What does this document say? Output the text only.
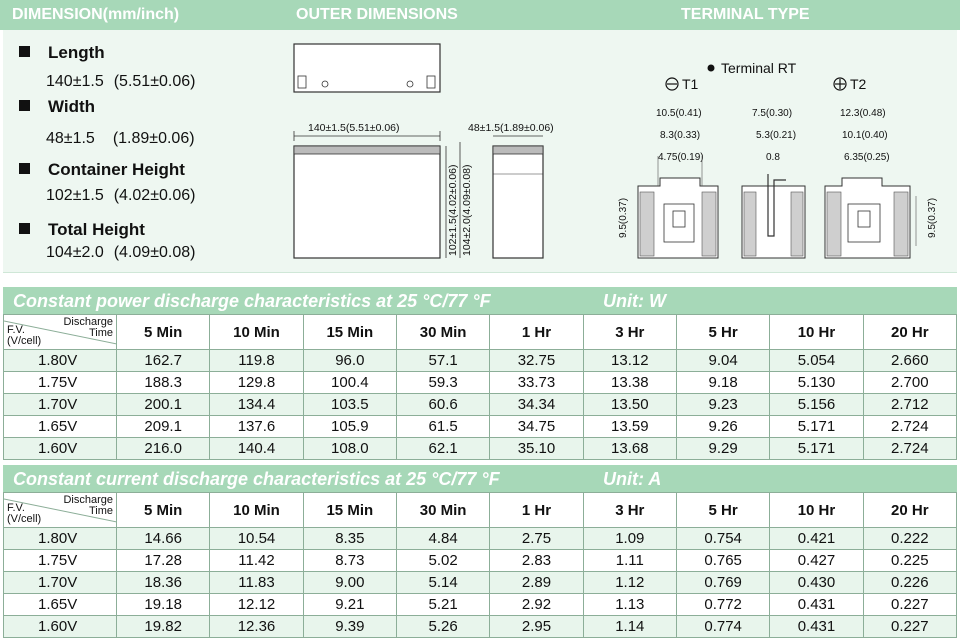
DIMENSION(mm/inch)	OUTER DIMENSIONS	TERMINAL TYPE
Length
140±1.5 (5.51±0.06)
Width
48±1.5 (1.89±0.06)
Container Height
102±1.5 (4.02±0.06)
Total Height
104±2.0 (4.09±0.08)
140±1.5(5.51±0.06)
102±1.5(4.02±0.06) 104±2.0(4.09±0.08)
48±1.5(1.89±0.06)
Terminal RT
T1
10.5(0.41)
8.3(0.33)
4.75(0.19)
9.5(0.37)
7.5(0.30)
5.3(0.21)
0.8
T2
12.3(0.48)
10.1(0.40)
6.35(0.25)
9.5(0.37)
Constant power discharge characteristics at 25 °C/77 °F	Unit: W
Discharge
Time
F.V.
(V/cell)	5 Min	10 Min	15 Min	30 Min	1 Hr	3 Hr	5 Hr	10 Hr	20 Hr
1.80V	162.7	119.8	96.0	57.1	32.75	13.12	9.04	5.054	2.660
1.75V	188.3	129.8	100.4	59.3	33.73	13.38	9.18	5.130	2.700
1.70V	200.1	134.4	103.5	60.6	34.34	13.50	9.23	5.156	2.712
1.65V	209.1	137.6	105.9	61.5	34.75	13.59	9.26	5.171	2.724
1.60V	216.0	140.4	108.0	62.1	35.10	13.68	9.29	5.171	2.724
Constant current discharge characteristics at 25 °C/77 °F	Unit: A
Discharge
Time
F.V.
(V/cell)	5 Min	10 Min	15 Min	30 Min	1 Hr	3 Hr	5 Hr	10 Hr	20 Hr
1.80V	14.66	10.54	8.35	4.84	2.75	1.09	0.754	0.421	0.222
1.75V	17.28	11.42	8.73	5.02	2.83	1.11	0.765	0.427	0.225
1.70V	18.36	11.83	9.00	5.14	2.89	1.12	0.769	0.430	0.226
1.65V	19.18	12.12	9.21	5.21	2.92	1.13	0.772	0.431	0.227
1.60V	19.82	12.36	9.39	5.26	2.95	1.14	0.774	0.431	0.227
